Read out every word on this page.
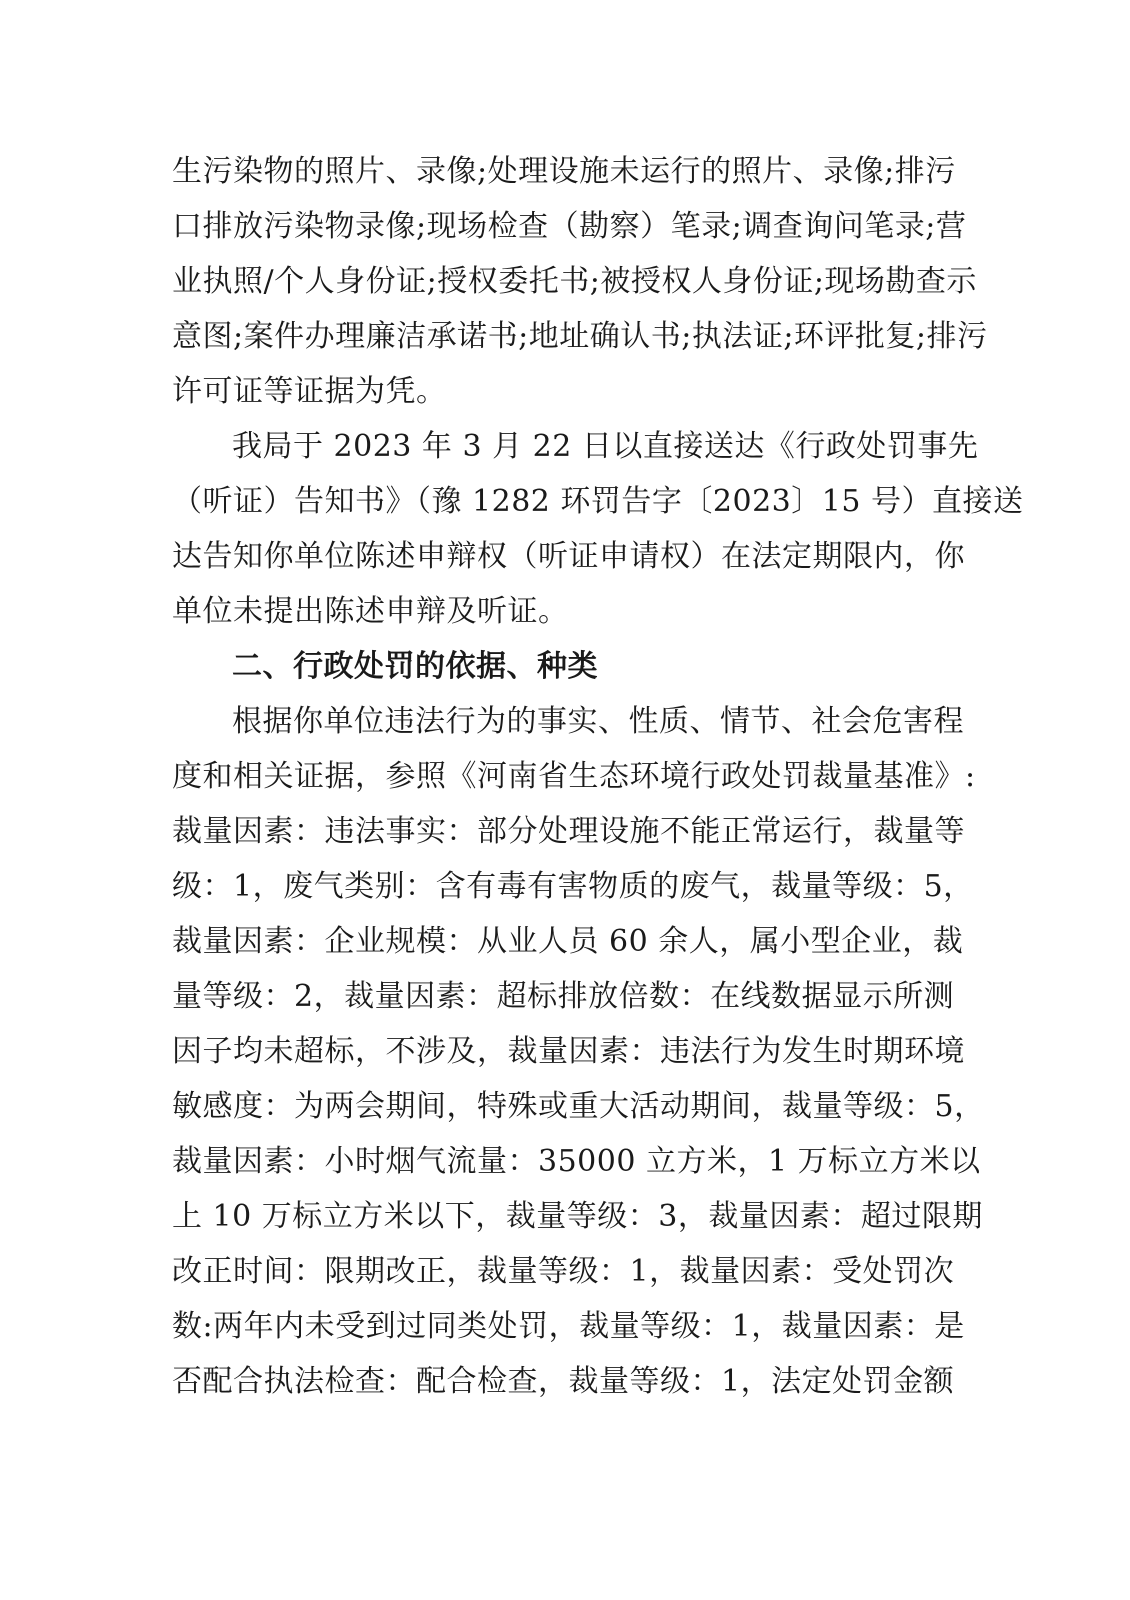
生污染物的照片、录像;处理设施未运行的照片、录像;排污
口排放污染物录像;现场检查（勘察）笔录;调查询问笔录;营
业执照/个人身份证;授权委托书;被授权人身份证;现场勘查示
意图;案件办理廉洁承诺书;地址确认书;执法证;环评批复;排污
许可证等证据为凭。
我局于 2023 年 3 月 22 日以直接送达《行政处罚事先
（听证）告知书》（豫 1282 环罚告字〔2023〕15 号）直接送
达告知你单位陈述申辩权（听证申请权）在法定期限内，你
单位未提出陈述申辩及听证。
二、行政处罚的依据、种类
根据你单位违法行为的事实、性质、情节、社会危害程
度和相关证据，参照《河南省生态环境行政处罚裁量基准》:
裁量因素：违法事实：部分处理设施不能正常运行，裁量等
级：1，废气类别：含有毒有害物质的废气，裁量等级：5，
裁量因素：企业规模：从业人员 60 余人，属小型企业，裁
量等级：2，裁量因素：超标排放倍数：在线数据显示所测
因子均未超标，不涉及，裁量因素：违法行为发生时期环境
敏感度：为两会期间，特殊或重大活动期间，裁量等级：5，
裁量因素：小时烟气流量：35000 立方米，1 万标立方米以
上 10 万标立方米以下，裁量等级：3，裁量因素：超过限期
改正时间：限期改正，裁量等级：1，裁量因素：受处罚次
数:两年内未受到过同类处罚，裁量等级：1，裁量因素：是
否配合执法检查：配合检查，裁量等级：1，法定处罚金额
